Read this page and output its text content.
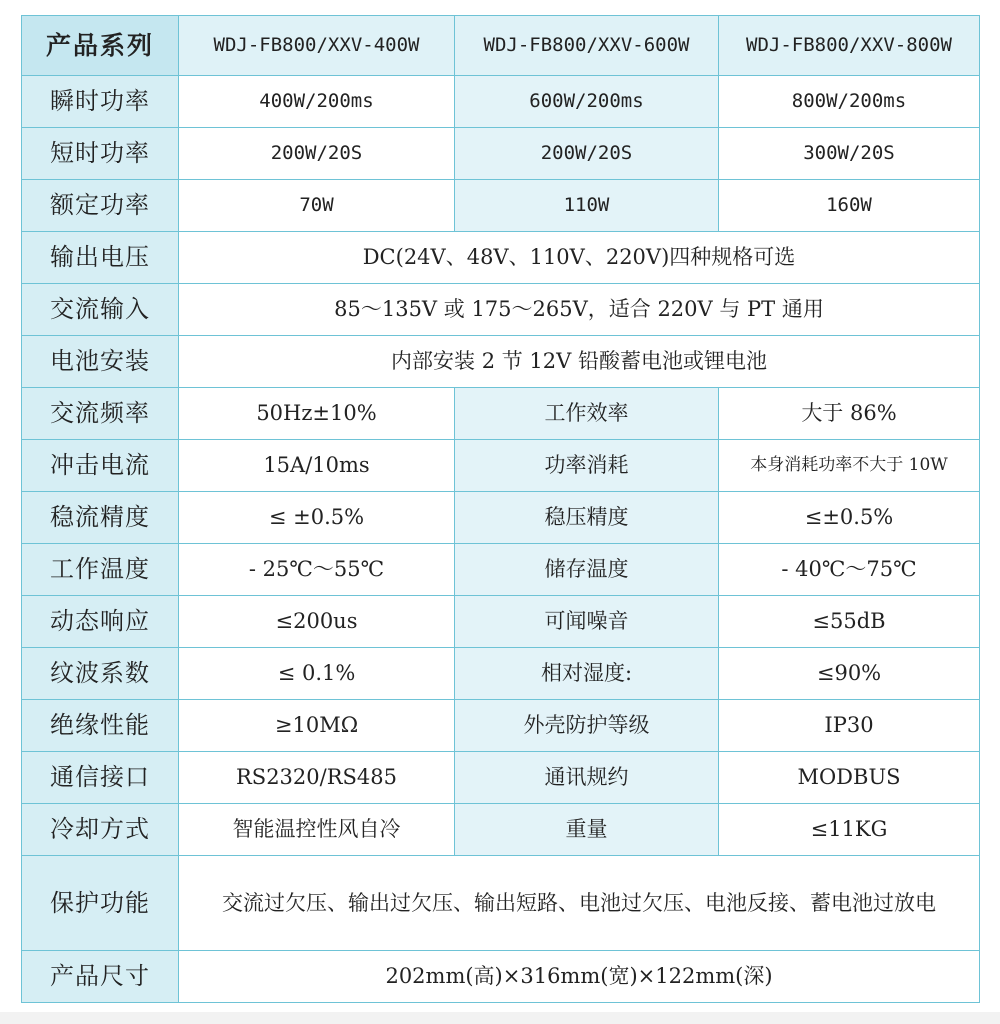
产品系列	WDJ-FB800/XXV-400W	WDJ-FB800/XXV-600W	WDJ-FB800/XXV-800W
瞬时功率	400W/200ms	600W/200ms	800W/200ms
短时功率	200W/20S	200W/20S	300W/20S
额定功率	70W	110W	160W
输出电压	DC(24V、48V、110V、220V)四种规格可选		
交流输入	85～135V 或 175～265V，适合 220V 与 PT 通用		
电池安装	内部安装 2 节 12V 铅酸蓄电池或锂电池		
交流频率	50Hz±10%	工作效率	大于 86%
冲击电流	15A/10ms	功率消耗	本身消耗功率不大于 10W
稳流精度	≤ ±0.5%	稳压精度	≤±0.5%
工作温度	- 25℃～55℃	储存温度	- 40℃～75℃
动态响应	≤200us	可闻噪音	≤55dB
纹波系数	≤ 0.1%	相对湿度:	≤90%
绝缘性能	≥10MΩ	外壳防护等级	IP30
通信接口	RS2320/RS485	通讯规约	MODBUS
冷却方式	智能温控性风自冷	重量	≤11KG
保护功能	交流过欠压、输出过欠压、输出短路、电池过欠压、电池反接、蓄电池过放电		
产品尺寸	202mm(高)×316mm(宽)×122mm(深)		
